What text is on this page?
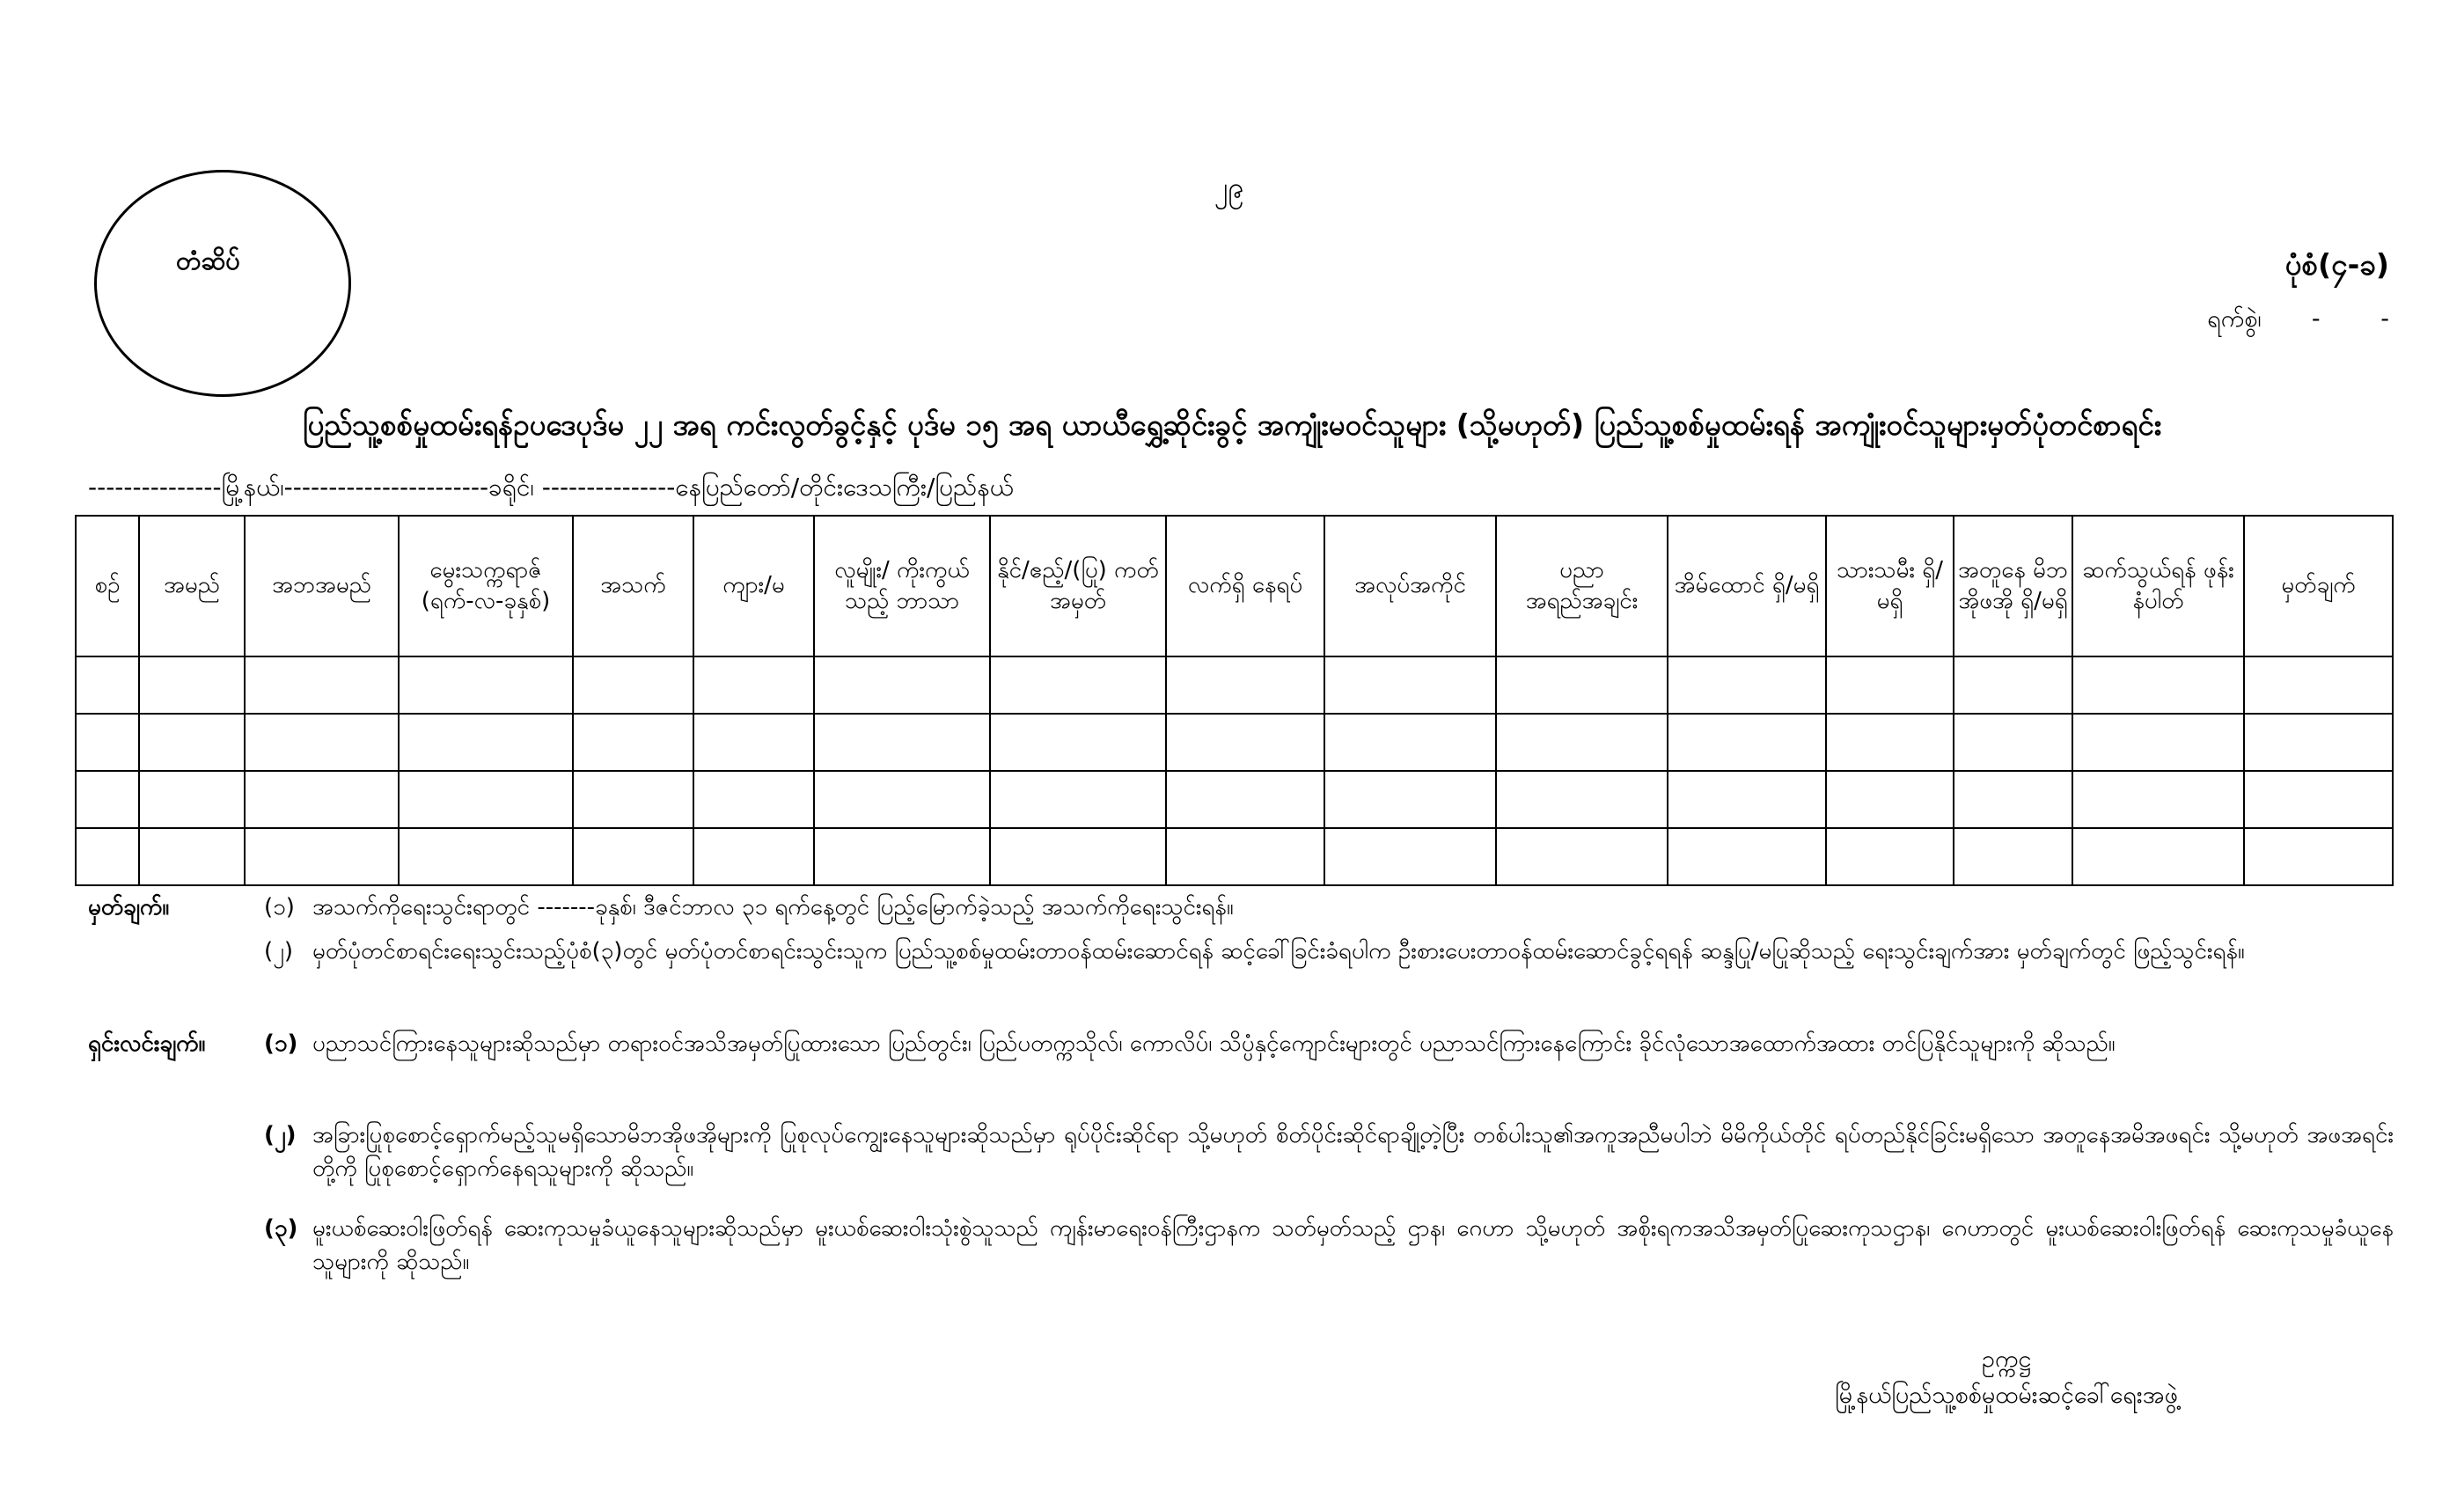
တံဆိပ်
၂၉
ပုံစံ(၄-ခ)
ရက်စွဲ၊ -        -
ပြည်သူ့စစ်မှုထမ်းရန်ဥပဒေပုဒ်မ ၂၂ အရ ကင်းလွတ်ခွင့်နှင့် ပုဒ်မ ၁၅ အရ ယာယီရွှေ့ဆိုင်းခွင့် အကျုံးမဝင်သူများ (သို့မဟုတ်) ပြည်သူ့စစ်မှုထမ်းရန် အကျုံးဝင်သူများမှတ်ပုံတင်စာရင်း
---------------မြို့နယ်၊-----------------------ခရိုင်၊ ---------------နေပြည်တော်/တိုင်းဒေသကြီး/ပြည်နယ်
စဉ်	အမည်	အဘအမည်	မွေးသက္ကရာဇ် (ရက်-လ-ခုနှစ်)	အသက်	ကျား/မ	လူမျိုး/ ကိုးကွယ်သည့် ဘာသာ	နိုင်/ဧည့်/(ပြု) ကတ်အမှတ်	လက်ရှိ နေရပ်	အလုပ်အကိုင်	ပညာ အရည်အချင်း	အိမ်ထောင် ရှိ/မရှိ	သားသမီး ရှိ/မရှိ	အတူနေ မိဘအိုဖအို ရှိ/မရှိ	ဆက်သွယ်ရန် ဖုန်းနံပါတ်	မှတ်ချက်

မှတ်ချက်။	(၁) အသက်ကိုရေးသွင်းရာတွင် -------ခုနှစ်၊ ဒီဇင်ဘာလ ၃၁ ရက်နေ့တွင် ပြည့်မြောက်ခဲ့သည့် အသက်ကိုရေးသွင်းရန်။
(၂) မှတ်ပုံတင်စာရင်းရေးသွင်းသည့်ပုံစံ(၃)တွင် မှတ်ပုံတင်စာရင်းသွင်းသူက ပြည်သူ့စစ်မှုထမ်းတာဝန်ထမ်းဆောင်ရန် ဆင့်ခေါ်ခြင်းခံရပါက ဦးစားပေးတာဝန်ထမ်းဆောင်ခွင့်ရရန် ဆန္ဒပြု/မပြုဆိုသည့် ရေးသွင်းချက်အား မှတ်ချက်တွင် ဖြည့်သွင်းရန်။
ရှင်းလင်းချက်။	(၁) ပညာသင်ကြားနေသူများဆိုသည်မှာ တရားဝင်အသိအမှတ်ပြုထားသော ပြည်တွင်း၊ ပြည်ပတက္ကသိုလ်၊ ကောလိပ်၊ သိပ္ပံနှင့်ကျောင်းများတွင် ပညာသင်ကြားနေကြောင်း ခိုင်လုံသောအထောက်အထား တင်ပြနိုင်သူများကို ဆိုသည်။
(၂) အခြားပြုစုစောင့်ရှောက်မည့်သူမရှိသောမိဘအိုဖအိုများကို ပြုစုလုပ်ကျွေးနေသူများဆိုသည်မှာ ရုပ်ပိုင်းဆိုင်ရာ သို့မဟုတ် စိတ်ပိုင်းဆိုင်ရာချို့တဲ့ပြီး တစ်ပါးသူ၏အကူအညီမပါဘဲ မိမိကိုယ်တိုင် ရပ်တည်နိုင်ခြင်းမရှိသော အတူနေအမိအဖရင်း သို့မဟုတ် အဖအရင်းတို့ကို ပြုစုစောင့်ရှောက်နေရသူများကို ဆိုသည်။
(၃) မူးယစ်ဆေးဝါးဖြတ်ရန် ဆေးကုသမှုခံယူနေသူများဆိုသည်မှာ မူးယစ်ဆေးဝါးသုံးစွဲသူသည် ကျန်းမာရေးဝန်ကြီးဌာနက သတ်မှတ်သည့် ဌာန၊ ဂေဟာ သို့မဟုတ် အစိုးရကအသိအမှတ်ပြုဆေးကုသဌာန၊ ဂေဟာတွင် မူးယစ်ဆေးဝါးဖြတ်ရန် ဆေးကုသမှုခံယူနေသူများကို ဆိုသည်။
ဥက္ကဋ္ဌ
မြို့နယ်ပြည်သူ့စစ်မှုထမ်းဆင့်ခေါ်ရေးအဖွဲ့
